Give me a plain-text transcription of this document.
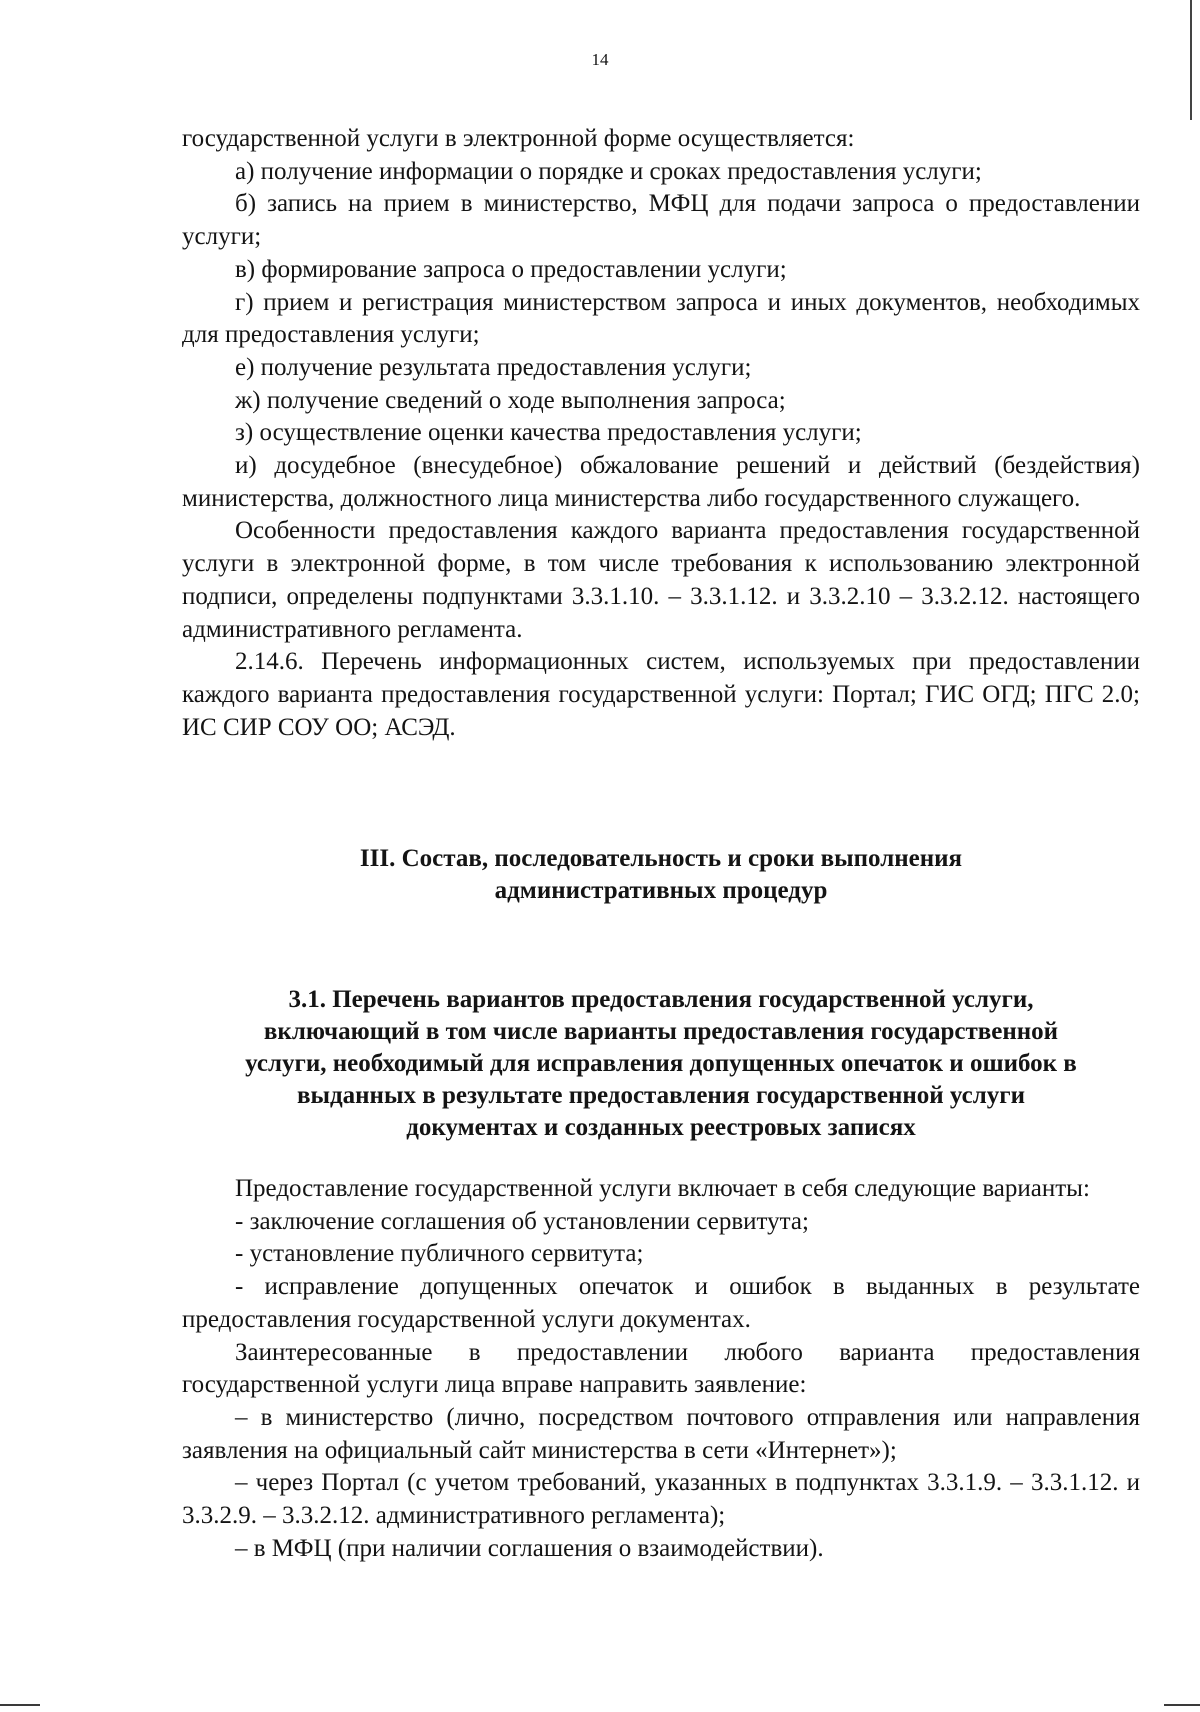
14

государственной услуги в электронной форме осуществляется:

а) получение информации о порядке и сроках предоставления услуги;

б) запись на прием в министерство, МФЦ для подачи запроса о предоставлении услуги;

в) формирование запроса о предоставлении услуги;

г) прием и регистрация министерством запроса и иных документов, необходимых для предоставления услуги;

е) получение результата предоставления услуги;

ж) получение сведений о ходе выполнения запроса;

з) осуществление оценки качества предоставления услуги;

и) досудебное (внесудебное) обжалование решений и действий (бездействия) министерства, должностного лица министерства либо государственного служащего.

Особенности предоставления каждого варианта предоставления государственной услуги в электронной форме, в том числе требования к использованию электронной подписи, определены подпунктами 3.3.1.10. – 3.3.1.12. и 3.3.2.10 – 3.3.2.12. настоящего административного регламента.

2.14.6. Перечень информационных систем, используемых при предоставлении каждого варианта предоставления государственной услуги: Портал; ГИС ОГД; ПГС 2.0; ИС СИР СОУ ОО; АСЭД.

III. Состав, последовательность и сроки выполнения

административных процедур

3.1. Перечень вариантов предоставления государственной услуги,

включающий в том числе варианты предоставления государственной

услуги, необходимый для исправления допущенных опечаток и ошибок в

выданных в результате предоставления государственной услуги

документах и созданных реестровых записях

Предоставление государственной услуги включает в себя следующие варианты:

- заключение соглашения об установлении сервитута;

- установление публичного сервитута;

- исправление допущенных опечаток и ошибок в выданных в результате предоставления государственной услуги документах.

Заинтересованные в предоставлении любого варианта предоставления государственной услуги лица вправе направить заявление:

– в министерство (лично, посредством почтового отправления или направления заявления на официальный сайт министерства в сети «Интернет»);

– через Портал (с учетом требований, указанных в подпунктах 3.3.1.9. – 3.3.1.12. и 3.3.2.9. – 3.3.2.12. административного регламента);

– в МФЦ (при наличии соглашения о взаимодействии).
